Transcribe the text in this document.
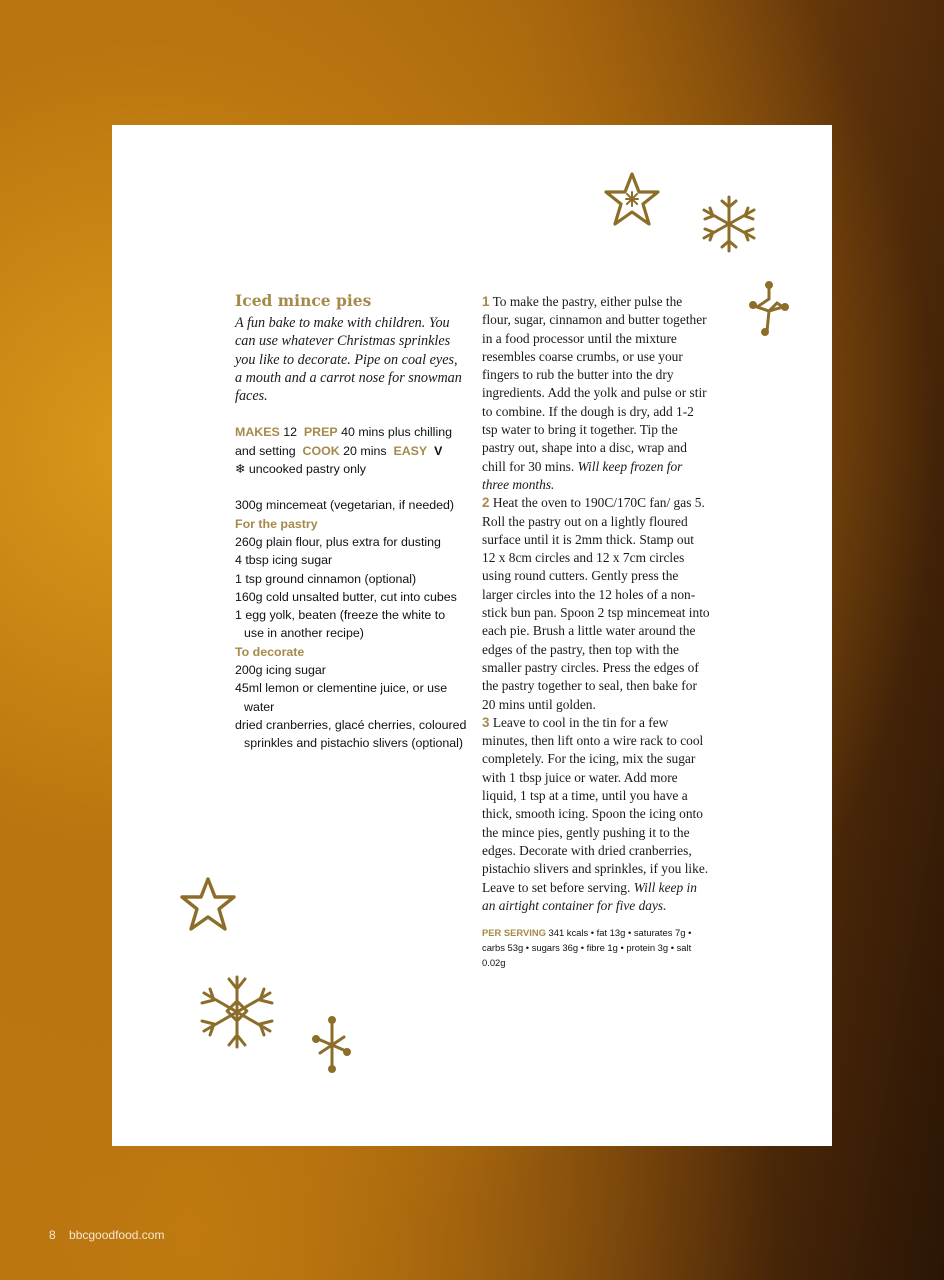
Iced mince pies

A fun bake to make with children. You can use whatever Christmas sprinkles you like to decorate. Pipe on coal eyes, a mouth and a carrot nose for snowman faces.

MAKES 12 PREP 40 mins plus chilling and setting COOK 20 mins EASY V
❄ uncooked pastry only
300g mincemeat (vegetarian, if needed)
For the pastry
260g plain flour, plus extra for dusting
4 tbsp icing sugar
1 tsp ground cinnamon (optional)
160g cold unsalted butter, cut into cubes
1 egg yolk, beaten (freeze the white to use in another recipe)
To decorate
200g icing sugar
45ml lemon or clementine juice, or use water
dried cranberries, glacé cherries, coloured sprinkles and pistachio slivers (optional)
1 To make the pastry, either pulse the flour, sugar, cinnamon and butter together in a food processor until the mixture resembles coarse crumbs, or use your fingers to rub the butter into the dry ingredients. Add the yolk and pulse or stir to combine. If the dough is dry, add 1-2 tsp water to bring it together. Tip the pastry out, shape into a disc, wrap and chill for 30 mins. Will keep frozen for three months.
2 Heat the oven to 190C/170C fan/ gas 5. Roll the pastry out on a lightly floured surface until it is 2mm thick. Stamp out 12 x 8cm circles and 12 x 7cm circles using round cutters. Gently press the larger circles into the 12 holes of a non-stick bun pan. Spoon 2 tsp mincemeat into each pie. Brush a little water around the edges of the pastry, then top with the smaller pastry circles. Press the edges of the pastry together to seal, then bake for 20 mins until golden.
3 Leave to cool in the tin for a few minutes, then lift onto a wire rack to cool completely. For the icing, mix the sugar with 1 tbsp juice or water. Add more liquid, 1 tsp at a time, until you have a thick, smooth icing. Spoon the icing onto the mince pies, gently pushing it to the edges. Decorate with dried cranberries, pistachio slivers and sprinkles, if you like. Leave to set before serving. Will keep in an airtight container for five days.
PER SERVING 341 kcals • fat 13g • saturates 7g •
carbs 53g • sugars 36g • fibre 1g • protein 3g • salt 0.02g
8 bbcgoodfood.com
